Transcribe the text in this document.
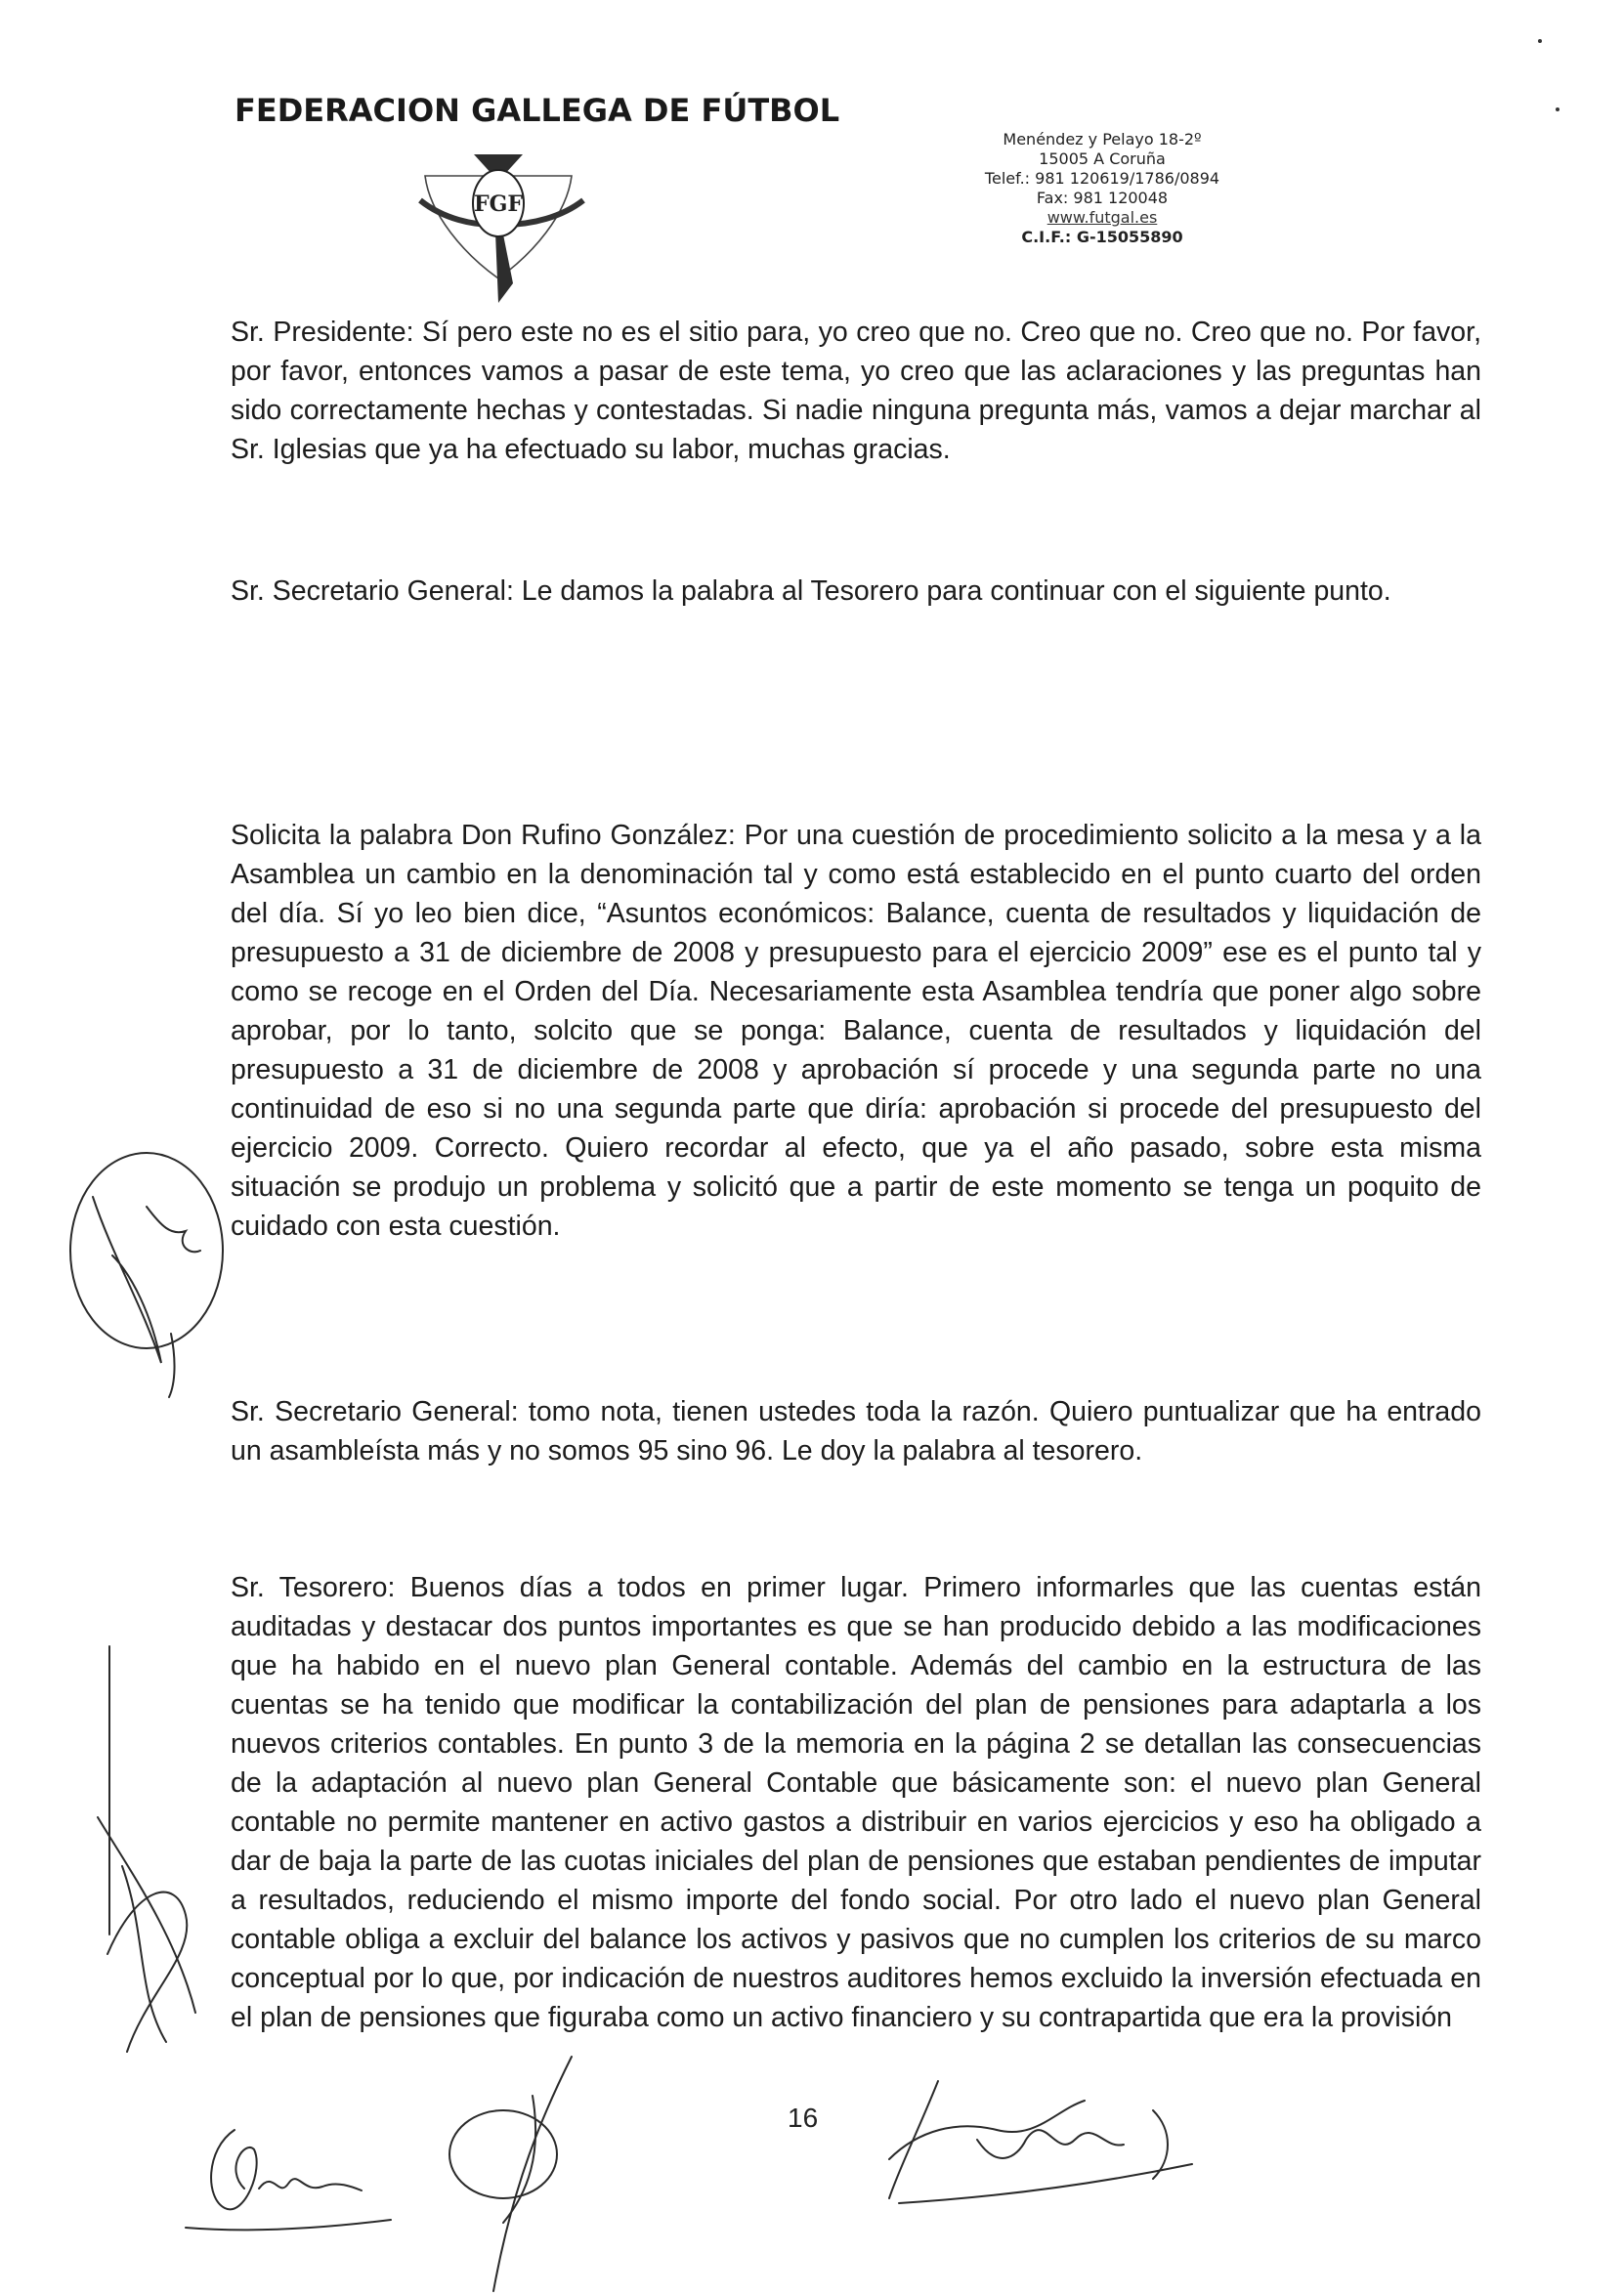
FEDERACION GALLEGA DE FÚTBOL
FGF
Menéndez y Pelayo 18-2º
15005 A Coruña
Telef.: 981 120619/1786/0894
Fax: 981 120048
www.futgal.es
C.I.F.: G-15055890

Sr. Presidente: Sí pero este no es el sitio para, yo creo que no. Creo que no. Creo que no. Por favor, por favor, entonces vamos a pasar de este tema, yo creo que las aclaraciones y las preguntas han sido correctamente hechas y contestadas. Si nadie ninguna pregunta más, vamos a dejar marchar al Sr. Iglesias que ya ha efectuado su labor, muchas gracias.

Sr. Secretario General: Le damos la palabra al Tesorero para continuar con el siguiente punto.

Solicita la palabra Don Rufino González: Por una cuestión de procedimiento solicito a la mesa y a la Asamblea un cambio en la denominación tal y como está establecido en el punto cuarto del orden del día. Sí yo leo bien dice, “Asuntos económicos: Balance, cuenta de resultados y liquidación de presupuesto a 31 de diciembre de 2008 y presupuesto para el ejercicio 2009” ese es el punto tal y como se recoge en el Orden del Día. Necesariamente esta Asamblea tendría que poner algo sobre aprobar, por lo tanto, solcito que se ponga: Balance, cuenta de resultados y liquidación del presupuesto a 31 de diciembre de 2008 y aprobación sí procede y una segunda parte no una continuidad de eso si no una segunda parte que diría: aprobación si procede del presupuesto del ejercicio 2009. Correcto. Quiero recordar al efecto, que ya el año pasado, sobre esta misma situación se produjo un problema y solicitó que a partir de este momento se tenga un poquito de cuidado con esta cuestión.

Sr. Secretario General: tomo nota, tienen ustedes toda la razón. Quiero puntualizar que ha entrado un asambleísta más y no somos 95 sino 96. Le doy la palabra al tesorero.

Sr. Tesorero: Buenos días a todos en primer lugar. Primero informarles que las cuentas están auditadas y destacar dos puntos importantes es que se han producido debido a las modificaciones que ha habido en el nuevo plan General contable. Además del cambio en la estructura de las cuentas se ha tenido que modificar la contabilización del plan de pensiones para adaptarla a los nuevos criterios contables. En punto 3 de la memoria en la página 2 se detallan las consecuencias de la adaptación al nuevo plan General Contable que básicamente son: el nuevo plan General contable no permite mantener en activo gastos a distribuir en varios ejercicios y eso ha obligado a dar de baja la parte de las cuotas iniciales del plan de pensiones que estaban pendientes de imputar a resultados, reduciendo el mismo importe del fondo social. Por otro lado el nuevo plan General contable obliga a excluir del balance los activos y pasivos que no cumplen los criterios de su marco conceptual por lo que, por indicación de nuestros auditores hemos excluido la inversión efectuada en el plan de pensiones que figuraba como un activo financiero y su contrapartida que era la provisión

16
